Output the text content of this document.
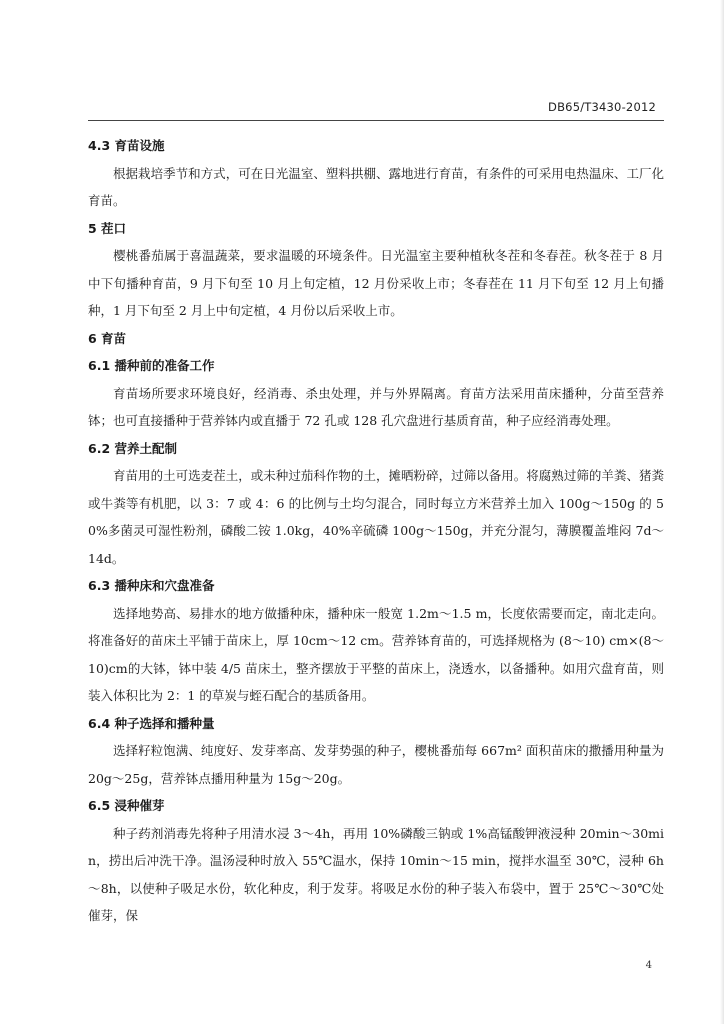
DB65/T3430-2012
4.3 育苗设施

根据栽培季节和方式，可在日光温室、塑料拱棚、露地进行育苗，有条件的可采用电热温床、工厂化育苗。

5 茬口

樱桃番茄属于喜温蔬菜，要求温暖的环境条件。日光温室主要种植秋冬茬和冬春茬。秋冬茬于 8 月中下旬播种育苗，9 月下旬至 10 月上旬定植，12 月份采收上市；冬春茬在 11 月下旬至 12 月上旬播种，1 月下旬至 2 月上中旬定植，4 月份以后采收上市。

6 育苗
6.1 播种前的准备工作

育苗场所要求环境良好，经消毒、杀虫处理，并与外界隔离。育苗方法采用苗床播种，分苗至营养钵；也可直接播种于营养钵内或直播于 72 孔或 128 孔穴盘进行基质育苗，种子应经消毒处理。

6.2 营养土配制

育苗用的土可选麦茬土，或未种过茄科作物的土，摊晒粉碎，过筛以备用。将腐熟过筛的羊粪、猪粪或牛粪等有机肥，以 3：7 或 4：6 的比例与土均匀混合，同时每立方米营养土加入 100g～150g 的 50%多菌灵可湿性粉剂，磷酸二铵 1.0kg，40%辛硫磷 100g～150g，并充分混匀，薄膜覆盖堆闷 7d～14d。

6.3 播种床和穴盘准备

选择地势高、易排水的地方做播种床，播种床一般宽 1.2m～1.5 m，长度依需要而定，南北走向。将准备好的苗床土平铺于苗床上，厚 10cm～12 cm。营养钵育苗的，可选择规格为 (8～10) cm×(8～10)cm的大钵，钵中装 4/5 苗床土，整齐摆放于平整的苗床上，浇透水，以备播种。如用穴盘育苗，则装入体积比为 2：1 的草炭与蛭石配合的基质备用。

6.4 种子选择和播种量

选择籽粒饱满、纯度好、发芽率高、发芽势强的种子，樱桃番茄每 667m² 面积苗床的撒播用种量为 20g～25g，营养钵点播用种量为 15g～20g。

6.5 浸种催芽

种子药剂消毒先将种子用清水浸 3～4h，再用 10%磷酸三钠或 1%高锰酸钾液浸种 20min～30min，捞出后冲洗干净。温汤浸种时放入 55℃温水，保持 10min～15 min，搅拌水温至 30℃，浸种 6h～8h，以使种子吸足水份，软化种皮，利于发芽。将吸足水份的种子装入布袋中，置于 25℃～30℃处催芽，保

4
